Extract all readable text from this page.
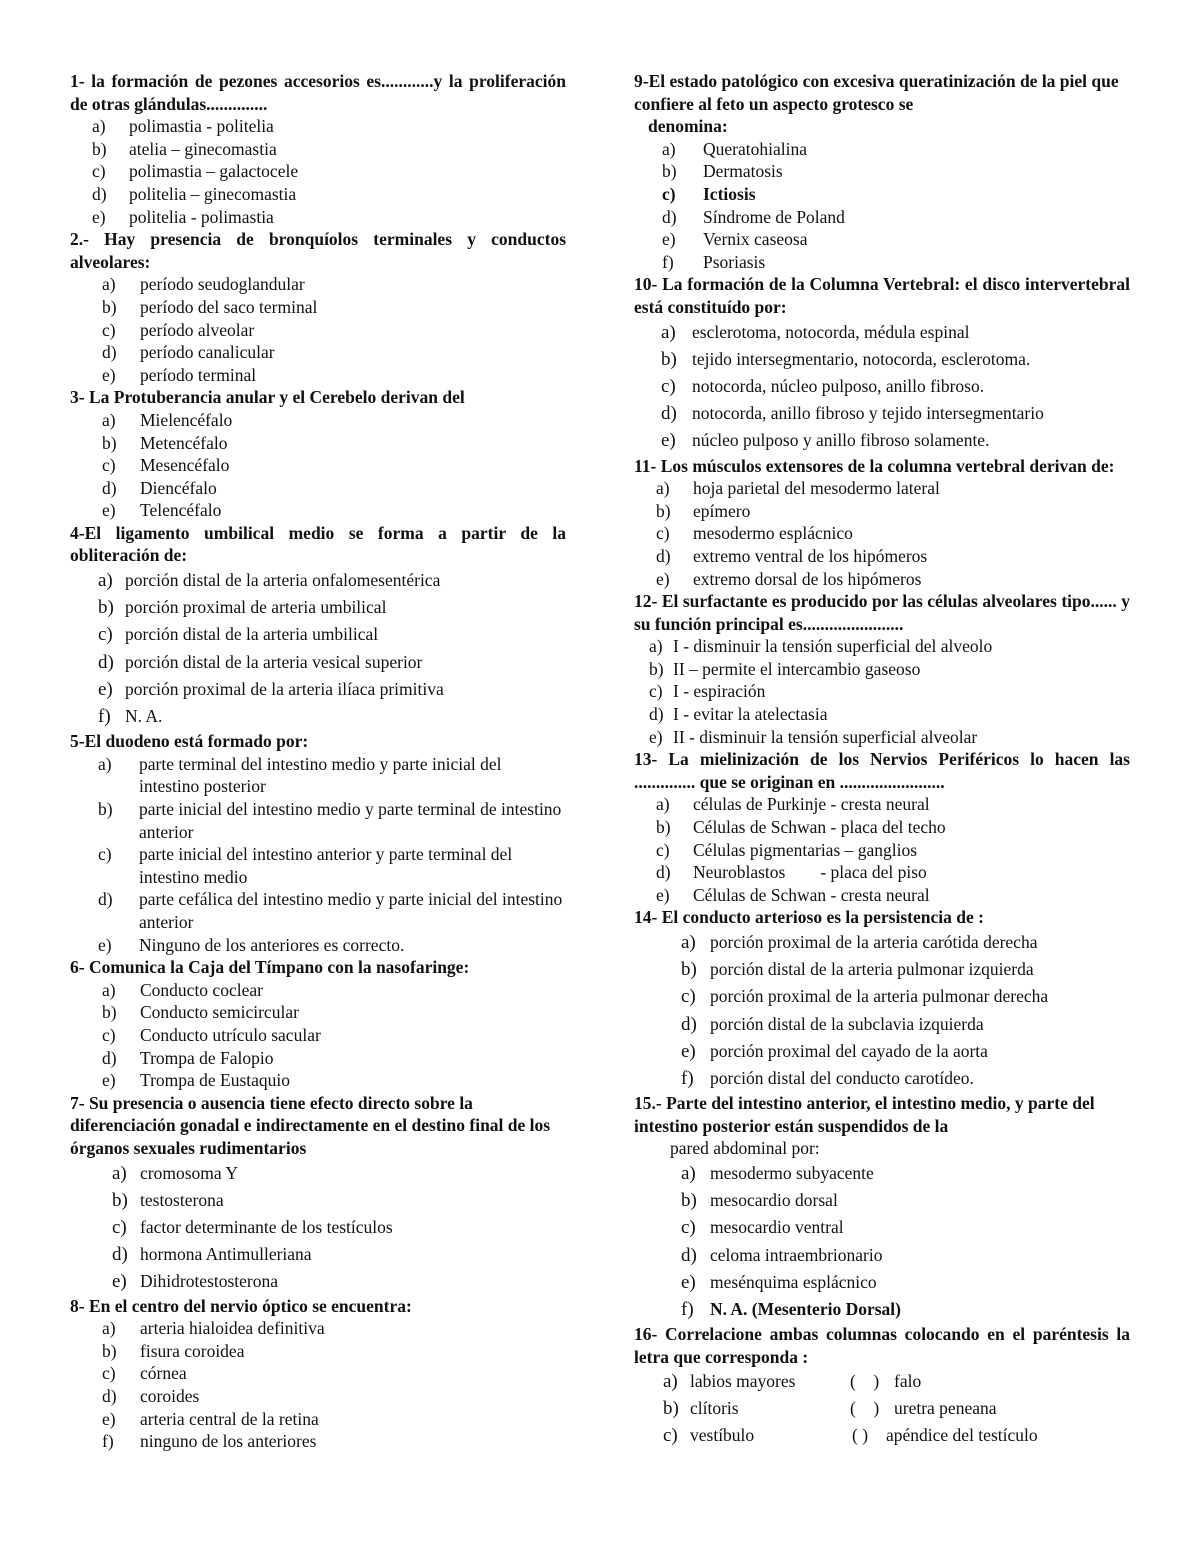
1- la formación de pezones accesorios es............y la proliferación de otras glándulas..............
a)	polimastia - politelia
b)	atelia – ginecomastia
c)	polimastia – galactocele
d)	politelia – ginecomastia
e)	politelia - polimastia
2.- Hay presencia de bronquíolos terminales y conductos alveolares:
a)	período seudoglandular
b)	período del saco terminal
c)	período alveolar
d)	período canalicular
e)	período terminal
3- La Protuberancia anular y el Cerebelo derivan del
a)	Mielencéfalo
b)	Metencéfalo
c)	Mesencéfalo
d)	Diencéfalo
e)	Telencéfalo
4-El ligamento umbilical medio se forma a partir de la obliteración de:
a) porción distal de la arteria onfalomesentérica
b) porción proximal de arteria umbilical
c) porción distal de la arteria umbilical
d) porción distal de la arteria vesical superior
e) porción proximal de la arteria ilíaca primitiva
f) N. A.
5-El duodeno está formado por:
a)	parte terminal del intestino medio y parte inicial del intestino posterior
b)	parte inicial del intestino medio y parte terminal de intestino anterior
c)	parte inicial del intestino anterior y parte terminal del intestino medio
d)	parte cefálica del intestino medio y parte inicial del intestino anterior
e)	Ninguno de los anteriores es correcto.
6- Comunica la Caja del Tímpano con la nasofaringe:
a)	Conducto coclear
b)	Conducto semicircular
c)	Conducto utrículo sacular
d)	Trompa de Falopio
e)	Trompa de Eustaquio
7- Su presencia o ausencia tiene efecto directo sobre la diferenciación gonadal e indirectamente en el destino final de los órganos sexuales rudimentarios
a) cromosoma Y
b) testosterona
c) factor determinante de los testículos
d) hormona Antimulleriana
e) Dihidrotestosterona
8- En el centro del nervio óptico se encuentra:
a)	arteria hialoidea definitiva
b)	fisura coroidea
c)	córnea
d)	coroides
e)	arteria central de la retina
f)	ninguno de los anteriores
9-El estado patológico con excesiva queratinización de la piel que confiere al feto un aspecto grotesco se
denomina:
a)	Queratohialina
b)	Dermatosis
c)	Ictiosis
d)	Síndrome de Poland
e)	Vernix caseosa
f)	Psoriasis
10- La formación de la Columna Vertebral: el disco intervertebral está constituído por:
a) esclerotoma, notocorda, médula espinal
b) tejido intersegmentario, notocorda, esclerotoma.
c) notocorda, núcleo pulposo, anillo fibroso.
d) notocorda, anillo fibroso y tejido intersegmentario
e) núcleo pulposo y anillo fibroso solamente.
11- Los músculos extensores de la columna vertebral derivan de:
a)	hoja parietal del mesodermo lateral
b)	epímero
c)	mesodermo esplácnico
d)	extremo ventral de los hipómeros
e)	extremo dorsal de los hipómeros
12- El surfactante es producido por las células alveolares tipo...... y su función principal es.......................
a) I - disminuir la tensión superficial del alveolo
b) II – permite el intercambio gaseoso
c) I - espiración
d) I - evitar la atelectasia
e) II - disminuir la tensión superficial alveolar
13- La mielinización de los Nervios Periféricos lo hacen las .............. que se originan en ........................
a)	células de Purkinje - cresta neural
b)	Células de Schwan - placa del techo
c)	Células pigmentarias – ganglios
d)	Neuroblastos        - placa del piso
e)	Células de Schwan - cresta neural
14- El conducto arterioso es la persistencia de :
a) porción proximal de la arteria carótida derecha
b) porción distal de la arteria pulmonar izquierda
c) porción proximal de la arteria pulmonar derecha
d) porción distal de la subclavia izquierda
e) porción proximal del cayado de la aorta
f) porción distal del conducto carotídeo.
15.- Parte del intestino anterior, el intestino medio, y parte del intestino posterior están suspendidos de la
pared abdominal por:
a) mesodermo subyacente
b) mesocardio dorsal
c) mesocardio ventral
d) celoma intraembrionario
e) mesénquima esplácnico
f) N. A. (Mesenterio Dorsal)
16- Correlacione ambas columnas colocando en el paréntesis la letra que corresponda :
a) labios mayores	(    ) falo
b) clítoris	(    ) uretra peneana
c) vestíbulo	( )	apéndice del testículo
